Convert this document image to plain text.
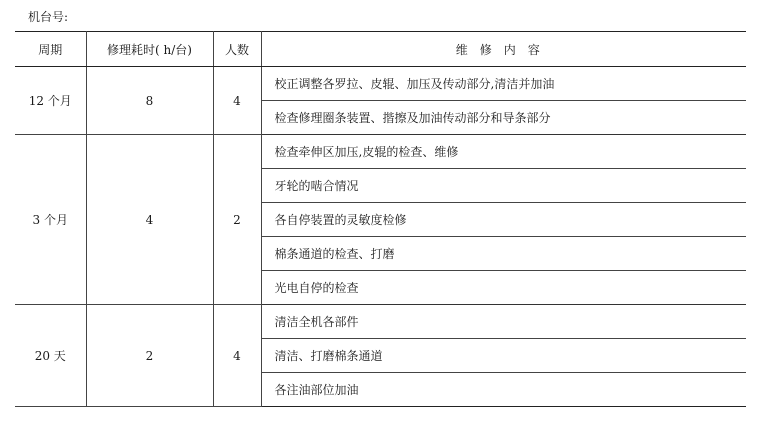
机台号:
周期	修理耗时( h/台)	人数	维修内容
12 个月	8	4	校正调整各罗拉、皮辊、加压及传动部分,清洁并加油
			检查修理圈条装置、揩擦及加油传动部分和导条部分
3 个月	4	2	检查牵伸区加压,皮辊的检查、维修
			牙轮的啮合情况
			各自停装置的灵敏度检修
			棉条通道的检查、打磨
			光电自停的检查
20 天	2	4	清洁全机各部件
			清洁、打磨棉条通道
			各注油部位加油
